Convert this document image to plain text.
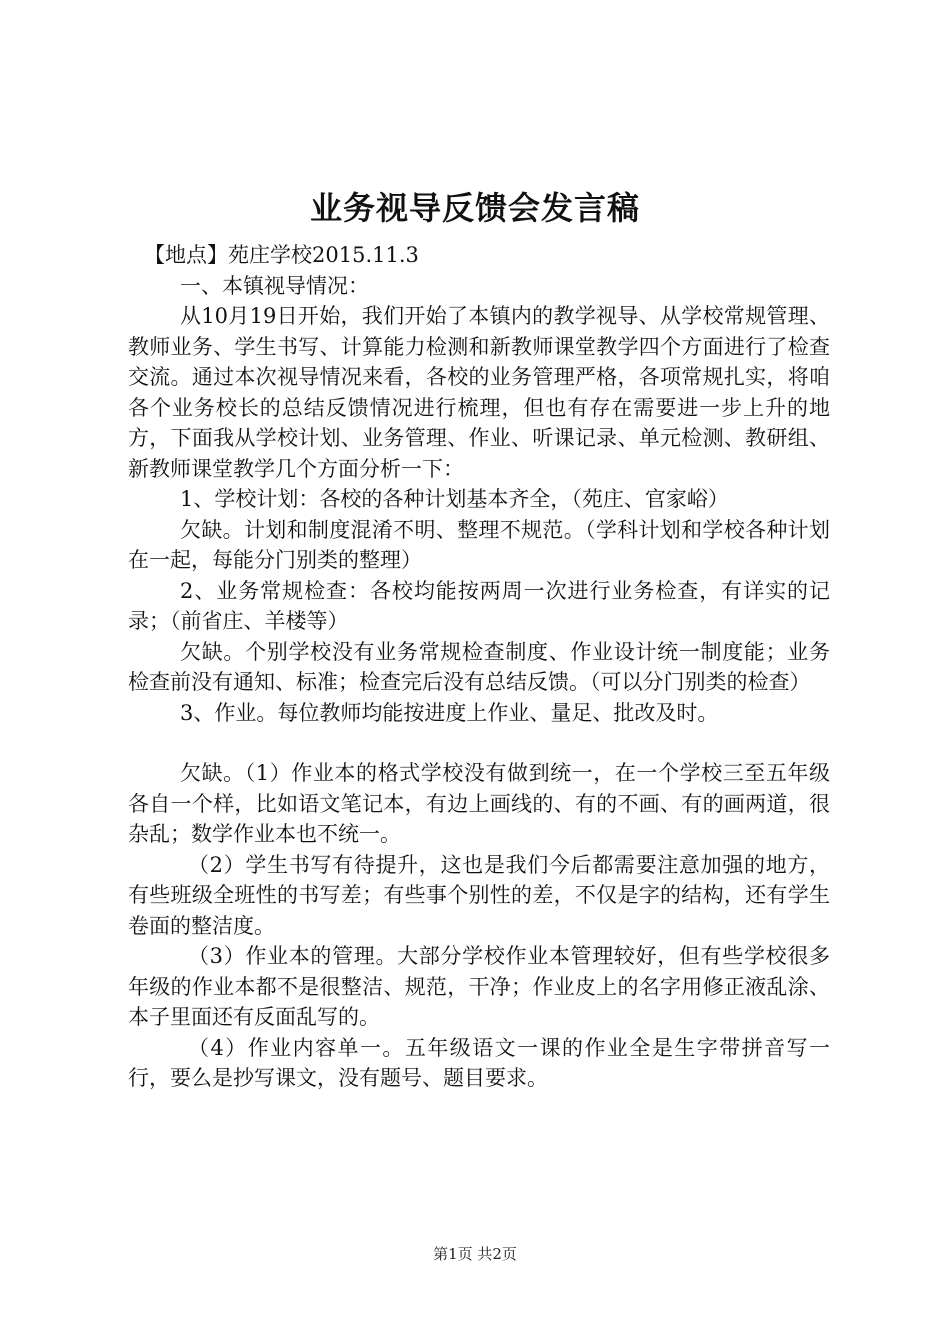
业务视导反馈会发言稿

【地点】苑庄学校2015.11.3

一、本镇视导情况：

从10月19日开始，我们开始了本镇内的教学视导、从学校常规管理、教师业务、学生书写、计算能力检测和新教师课堂教学四个方面进行了检查交流。通过本次视导情况来看，各校的业务管理严格，各项常规扎实，将咱各个业务校长的总结反馈情况进行梳理，但也有存在需要进一步上升的地方，下面我从学校计划、业务管理、作业、听课记录、单元检测、教研组、新教师课堂教学几个方面分析一下：

1、学校计划：各校的各种计划基本齐全，（苑庄、官家峪）

欠缺。计划和制度混淆不明、整理不规范。（学科计划和学校各种计划在一起，每能分门别类的整理）

2、业务常规检查：各校均能按两周一次进行业务检查，有详实的记录；（前省庄、羊楼等）

欠缺。个别学校没有业务常规检查制度、作业设计统一制度能；业务检查前没有通知、标准；检查完后没有总结反馈。（可以分门别类的检查）

3、作业。每位教师均能按进度上作业、量足、批改及时。

欠缺。（1）作业本的格式学校没有做到统一，在一个学校三至五年级各自一个样，比如语文笔记本，有边上画线的、有的不画、有的画两道，很杂乱；数学作业本也不统一。

（2）学生书写有待提升，这也是我们今后都需要注意加强的地方，有些班级全班性的书写差；有些事个别性的差，不仅是字的结构，还有学生卷面的整洁度。

（3）作业本的管理。大部分学校作业本管理较好，但有些学校很多年级的作业本都不是很整洁、规范，干净；作业皮上的名字用修正液乱涂、本子里面还有反面乱写的。

（4）作业内容单一。五年级语文一课的作业全是生字带拼音写一行，要么是抄写课文，没有题号、题目要求。

第1页 共2页
